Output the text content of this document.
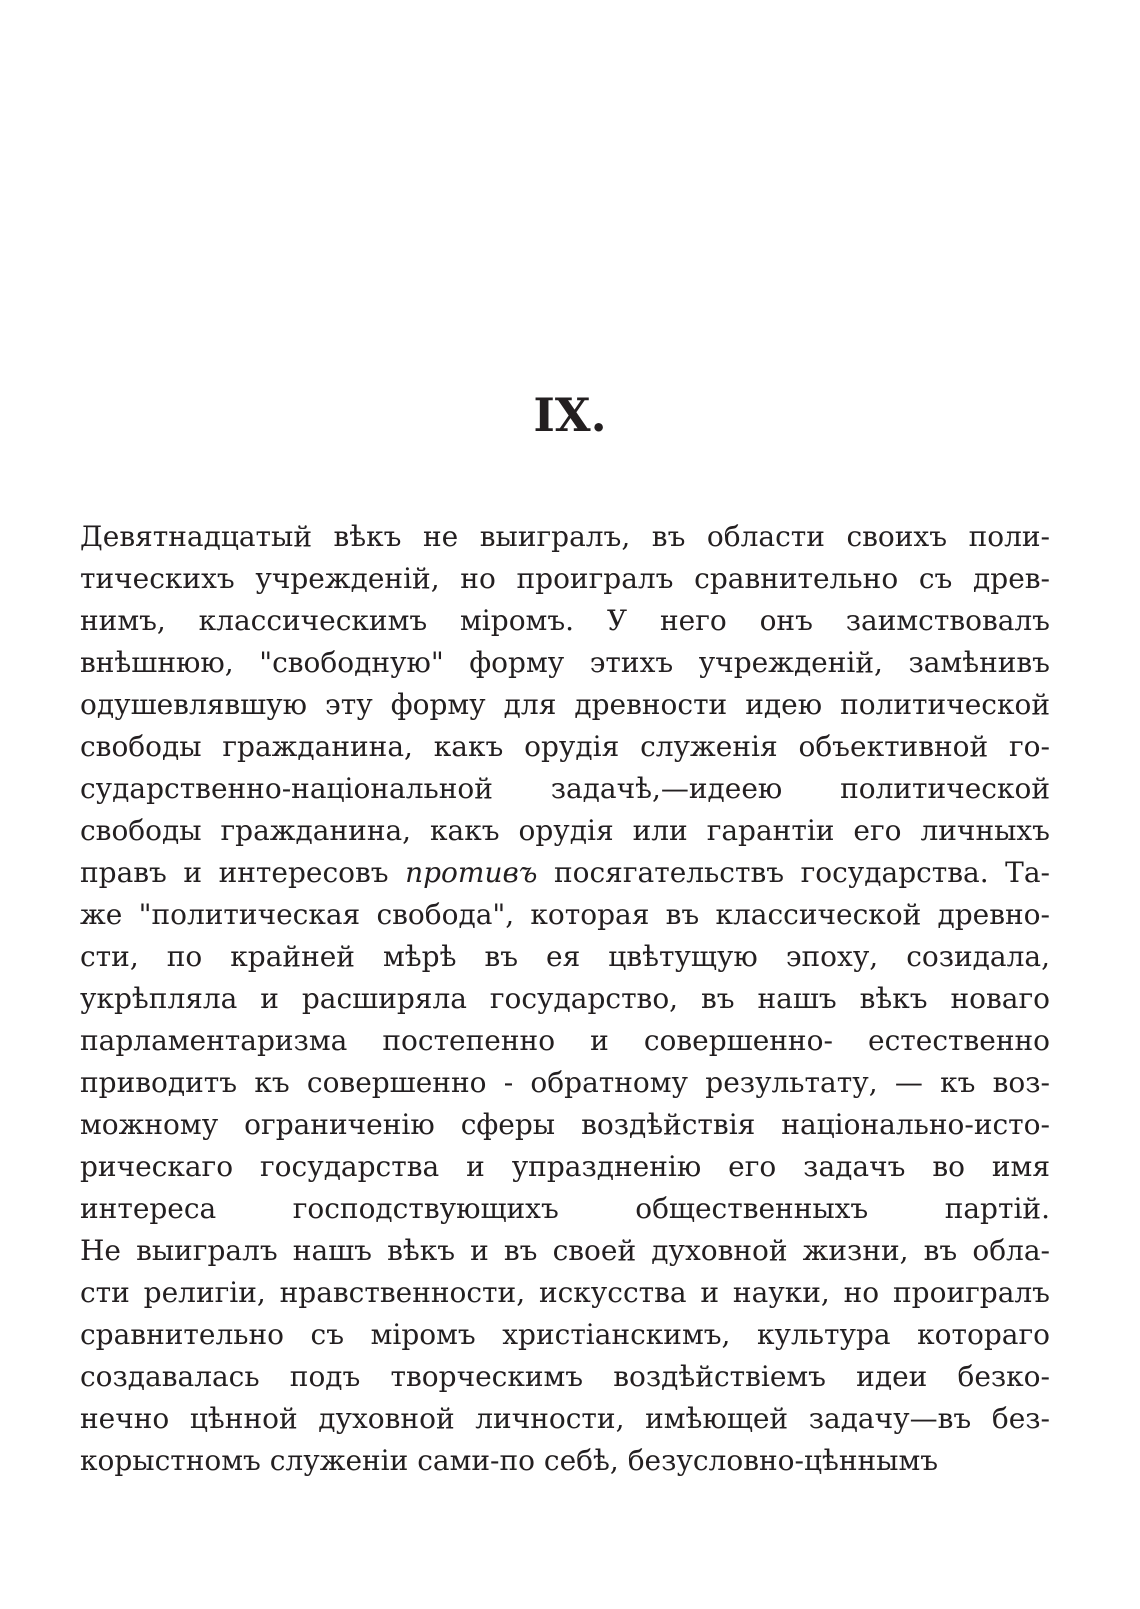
IX.
Девятнадцатый вѣкъ не выигралъ, въ области своихъ поли-
тическихъ учрежденій, но проигралъ сравнительно съ древ-
нимъ, классическимъ міромъ. У него онъ заимствовалъ
внѣшнюю, "свободную" форму этихъ учрежденій, замѣнивъ
одушевлявшую эту форму для древности идею политической
свободы гражданина, какъ орудія служенія объективной го-
сударственно-національной задачѣ,—идеею политической
свободы гражданина, какъ орудія или гарантіи его личныхъ
правъ и интересовъ противъ посягательствъ государства. Та-
же "политическая свобода", которая въ классической древно-
сти, по крайней мѣрѣ въ ея цвѣтущую эпоху, созидала,
укрѣпляла и расширяла государство, въ нашъ вѣкъ новаго
парламентаризма постепенно и совершенно- естественно
приводитъ къ совершенно - обратному результату, — къ воз-
можному ограниченію сферы воздѣйствія національно-исто-
рическаго государства и упраздненію его задачъ во имя
интереса господствующихъ общественныхъ партій.
Не выигралъ нашъ вѣкъ и въ своей духовной жизни, въ обла-
сти религіи, нравственности, искусства и науки, но проигралъ
сравнительно съ міромъ христіанскимъ, культура котораго
создавалась подъ творческимъ воздѣйствіемъ идеи безко-
нечно цѣнной духовной личности, имѣющей задачу—въ без-
корыстномъ служеніи сами-по себѣ, безусловно-цѣннымъ
